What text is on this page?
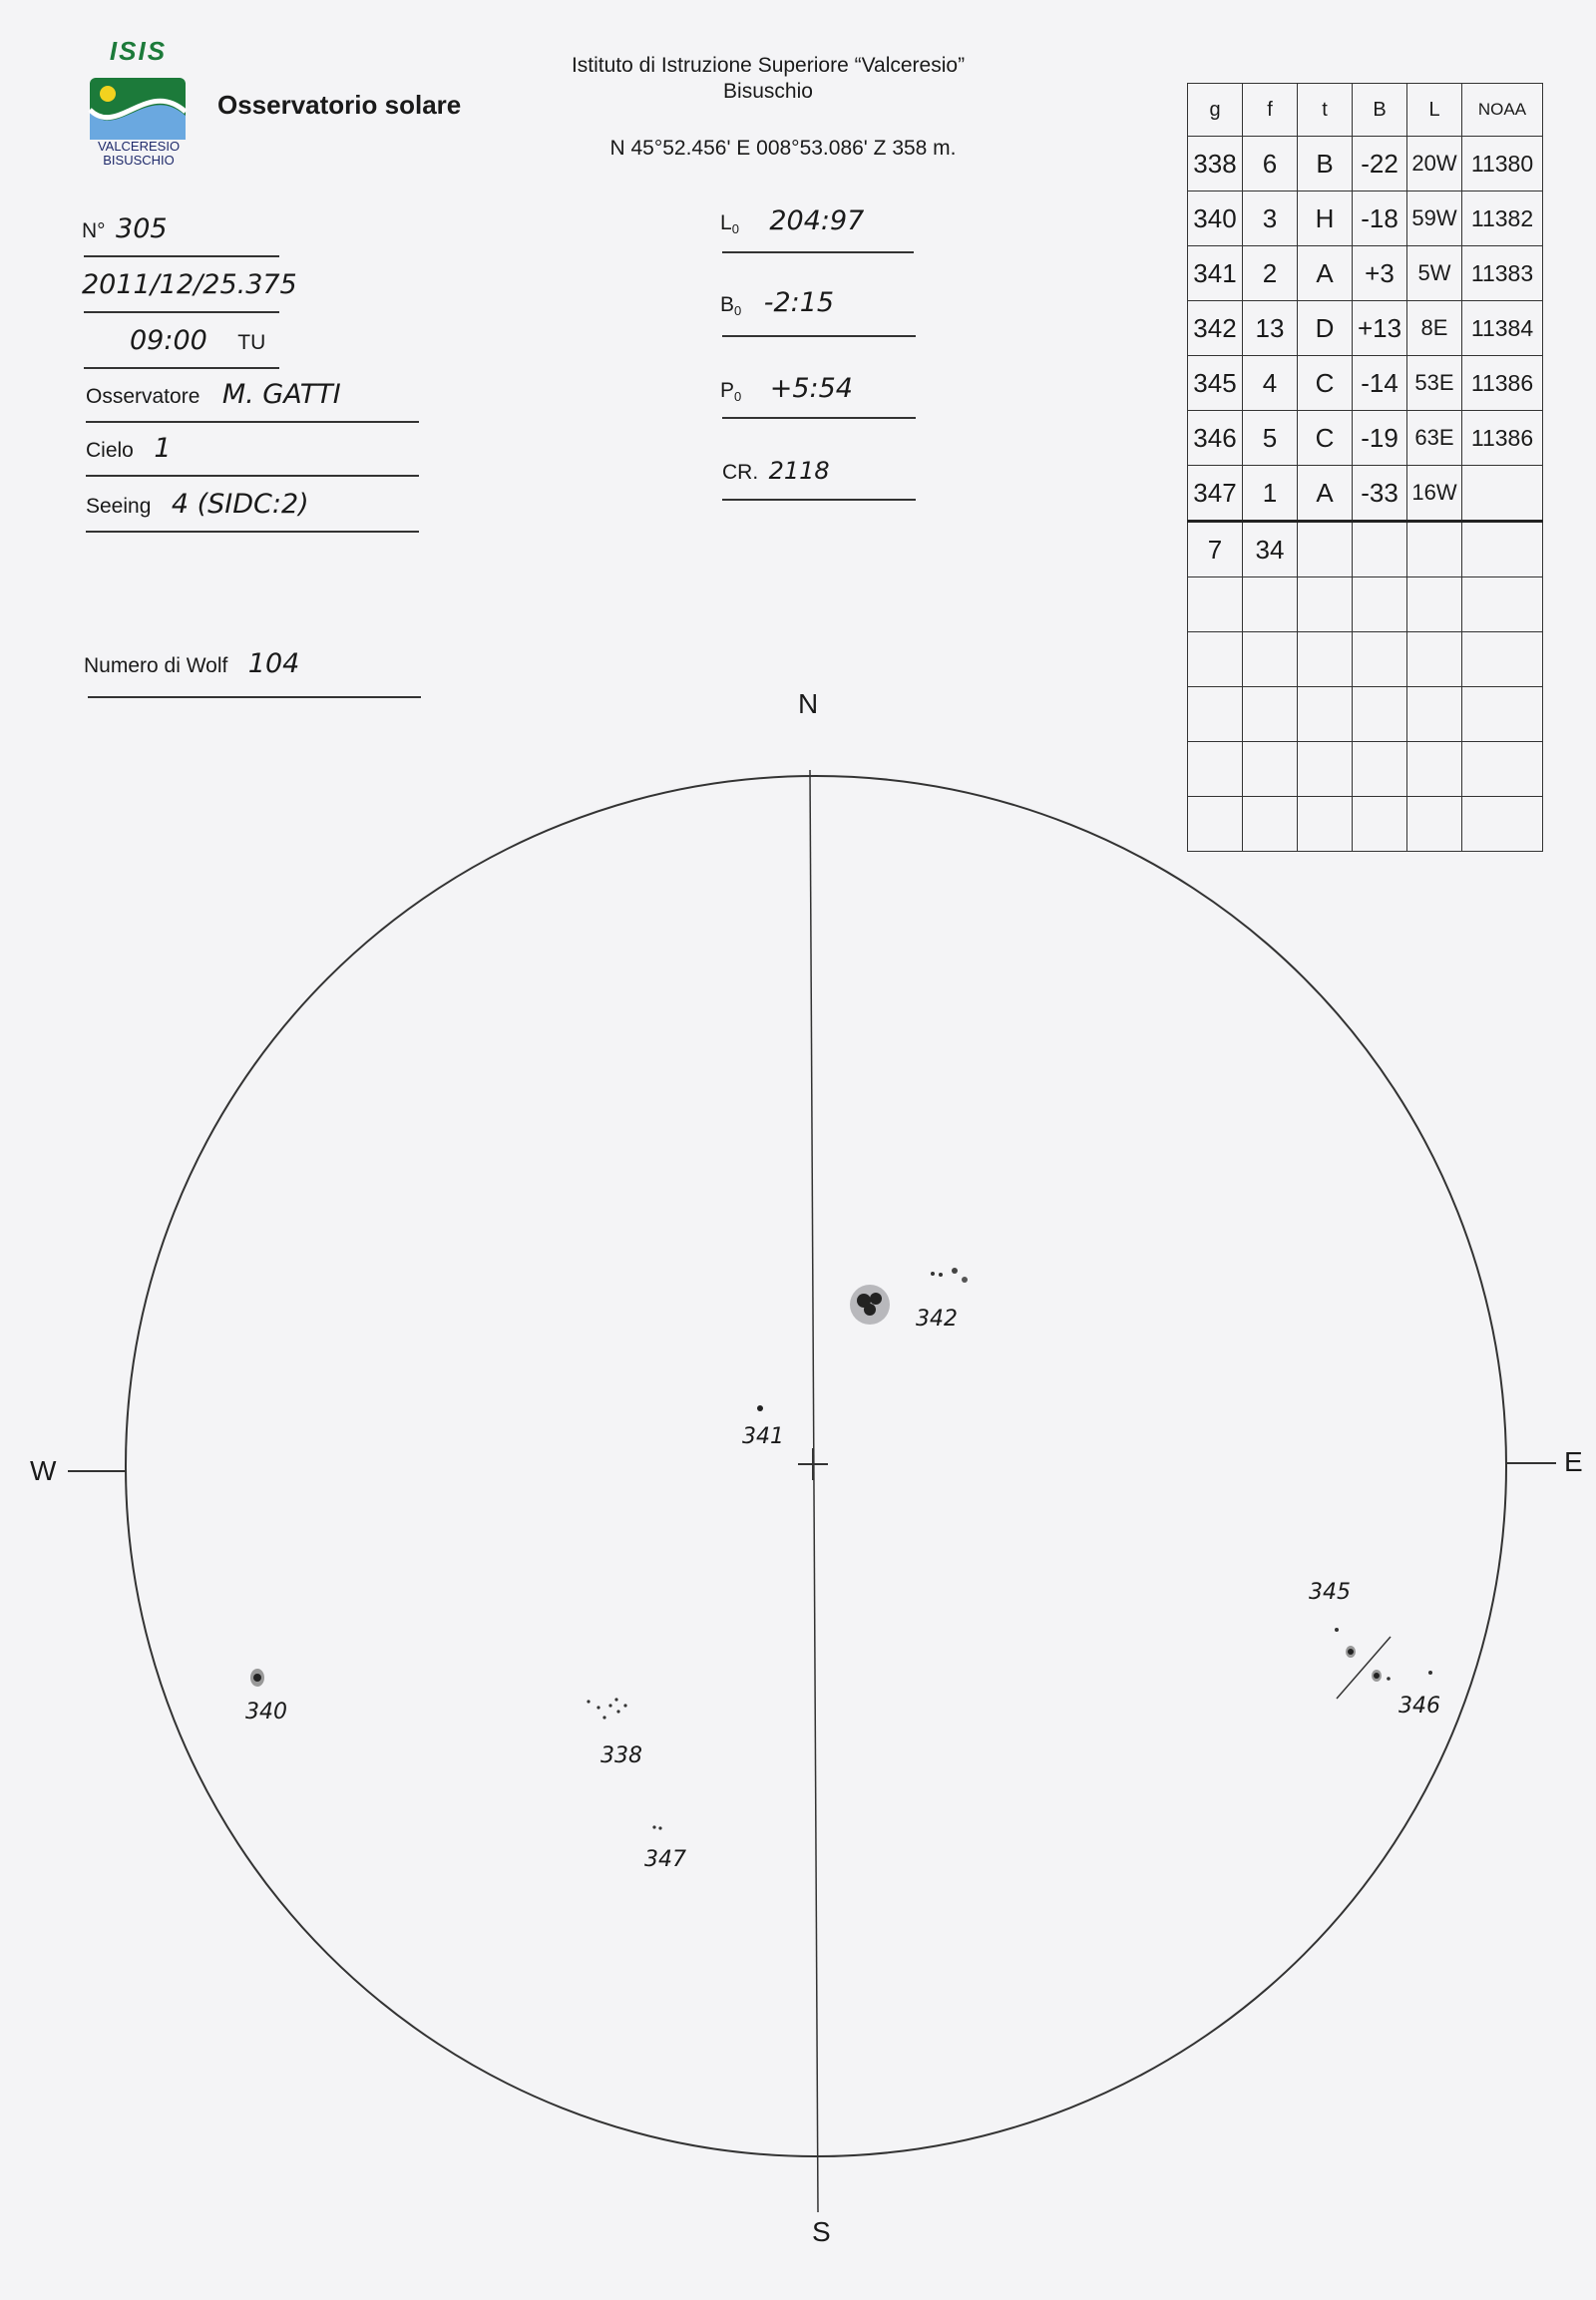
ISIS
VALCERESIO
BISUSCHIO
Osservatorio solare
Istituto di Istruzione Superiore “Valceresio”
Bisuschio
N 45°52.456' E 008°53.086' Z 358 m.
N° 305
2011/12/25.375
09:00 TU
Osservatore M. GATTI
Cielo 1
Seeing 4 (SIDC:2)
Numero di Wolf 104
$L_0$ 204:97
$B_0$ -2:15
$P_0$ +5:54
CR. 2118
g	f	t	B	L	NOAA
338	6	B	-22	20W	11380
340	3	H	-18	59W	11382
341	2	A	+3	5W	11383
342	13	D	+13	8E	11384
345	4	C	-14	53E	11386
346	5	C	-19	63E	11386
347	1	A	-33	16W	
7	34				

N
S
W	E
342
341
340
338
347
345
346
